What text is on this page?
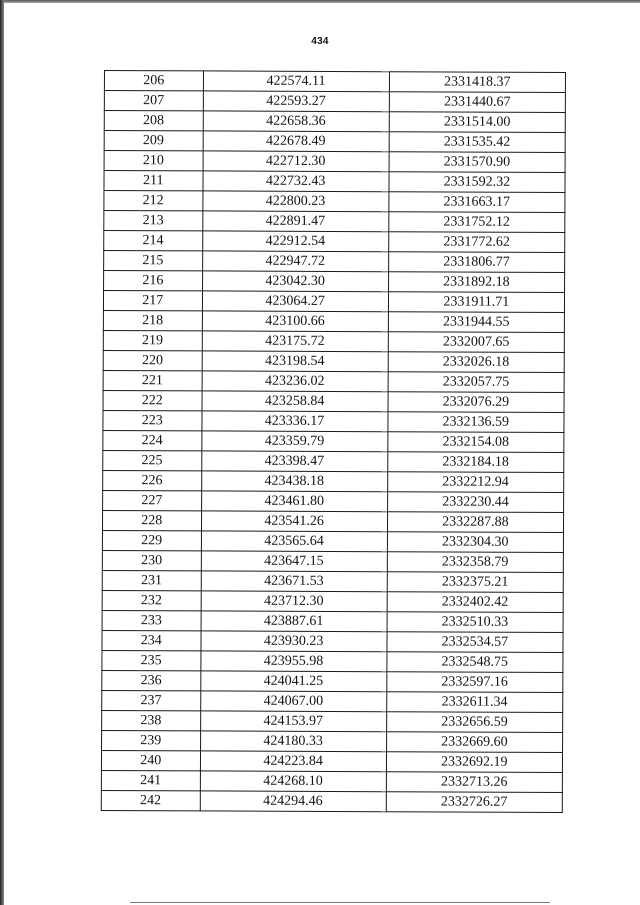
434
206	422574.11	2331418.37
207	422593.27	2331440.67
208	422658.36	2331514.00
209	422678.49	2331535.42
210	422712.30	2331570.90
211	422732.43	2331592.32
212	422800.23	2331663.17
213	422891.47	2331752.12
214	422912.54	2331772.62
215	422947.72	2331806.77
216	423042.30	2331892.18
217	423064.27	2331911.71
218	423100.66	2331944.55
219	423175.72	2332007.65
220	423198.54	2332026.18
221	423236.02	2332057.75
222	423258.84	2332076.29
223	423336.17	2332136.59
224	423359.79	2332154.08
225	423398.47	2332184.18
226	423438.18	2332212.94
227	423461.80	2332230.44
228	423541.26	2332287.88
229	423565.64	2332304.30
230	423647.15	2332358.79
231	423671.53	2332375.21
232	423712.30	2332402.42
233	423887.61	2332510.33
234	423930.23	2332534.57
235	423955.98	2332548.75
236	424041.25	2332597.16
237	424067.00	2332611.34
238	424153.97	2332656.59
239	424180.33	2332669.60
240	424223.84	2332692.19
241	424268.10	2332713.26
242	424294.46	2332726.27
